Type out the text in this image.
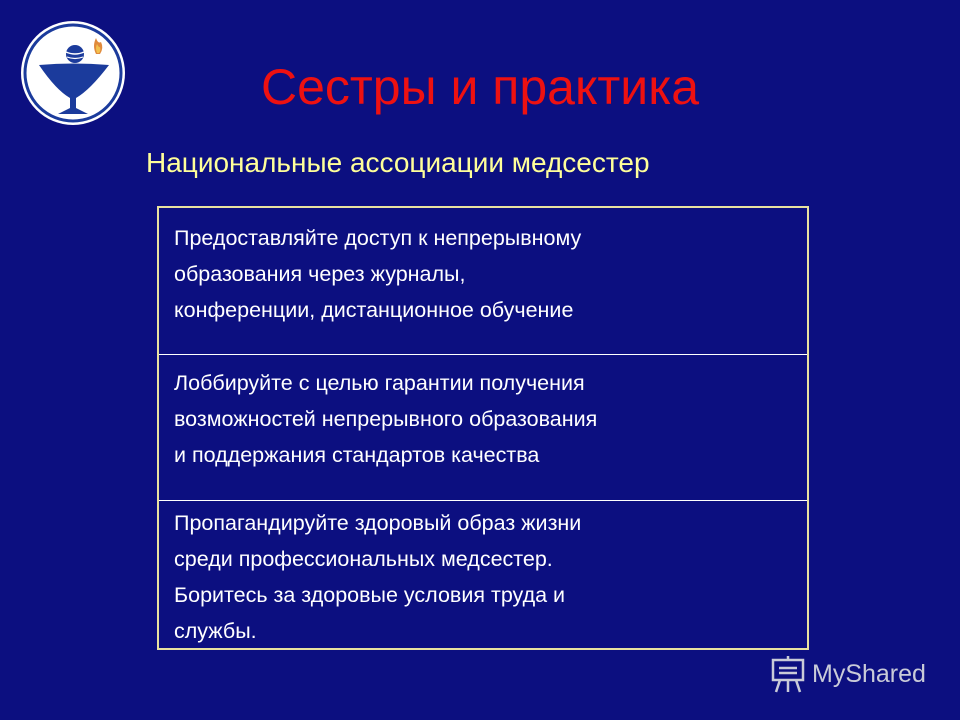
Сестры и практика
Национальные ассоциации медсестер
Предоставляйте доступ к непрерывному
образования через журналы,
конференции, дистанционное обучение
Лоббируйте с целью гарантии получения
возможностей непрерывного образования
и поддержания стандартов качества
Пропагандируйте здоровый образ жизни
среди профессиональных медсестер.
Боритесь за здоровые условия труда и
службы.
MyShared
